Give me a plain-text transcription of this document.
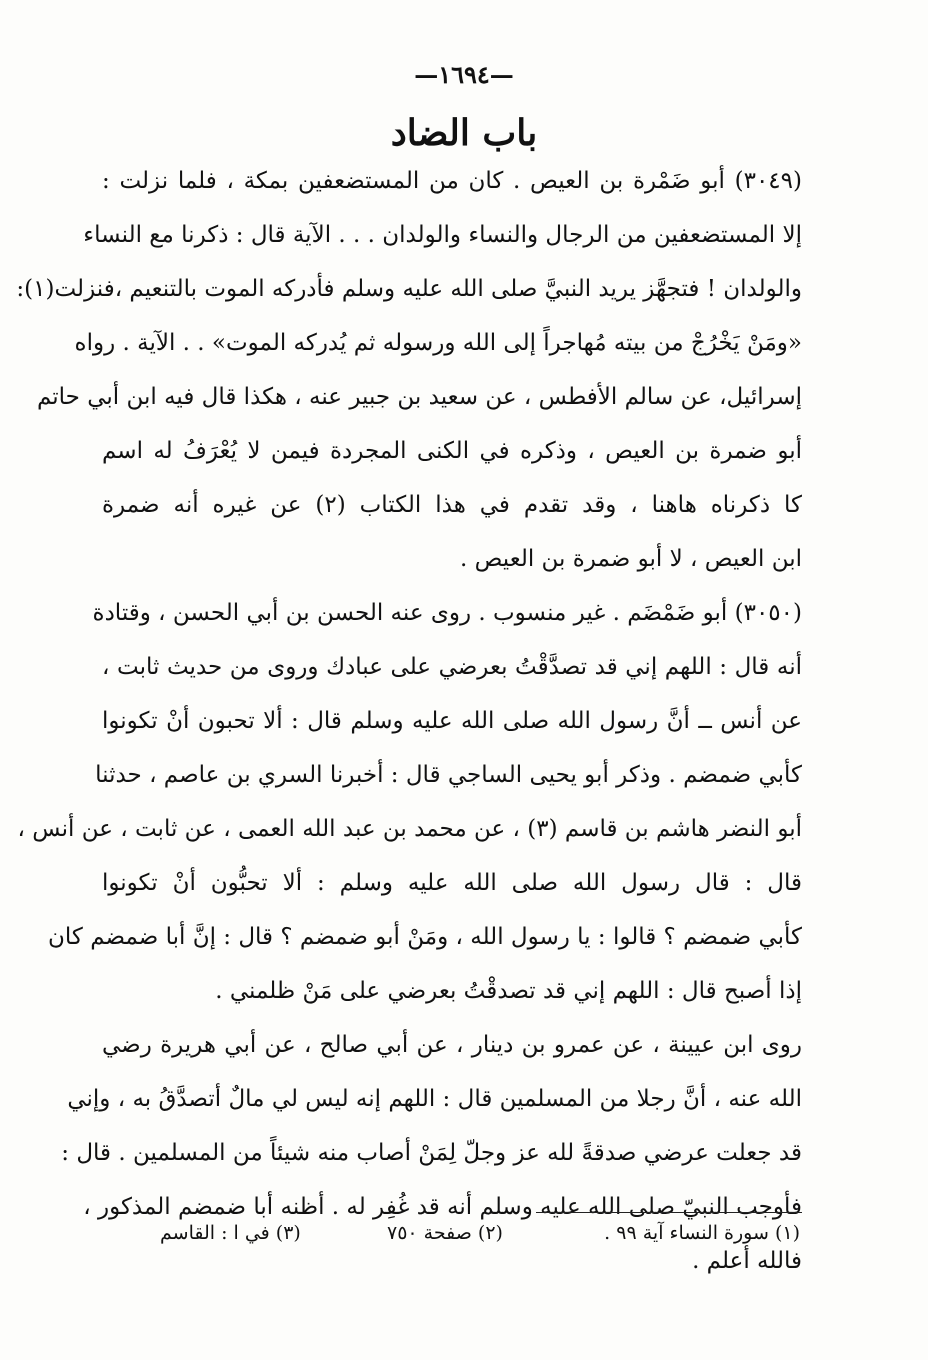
—١٦٩٤—
باب الضاد
(٣٠٤٩) أبو ضَمْرة بن العيص . كان من المستضعفين بمكة ، فلما نزلت :
إلا المستضعفين من الرجال والنساء والولدان . . . الآية قال : ذكرنا مع النساء
والولدان ! فتجهَّز يريد النبيَّ صلى الله عليه وسلم فأدركه الموت بالتنعيم ،فنزلت(١):
«ومَنْ يَخْرُجْ من بيته مُهاجراً إلى الله ورسوله ثم يُدركه الموت» . . الآية . رواه
إسرائيل، عن سالم الأفطس ، عن سعيد بن جبير عنه ، هكذا قال فيه ابن أبي حاتم
أبو ضمرة بن العيص ، وذكره في الكنى المجردة فيمن لا يُعْرَفُ له اسم
كا ذكرناه هاهنا ، وقد تقدم في هذا الكتاب (٢) عن غيره أنه ضمرة
ابن العيص ، لا أبو ضمرة بن العيص .
(٣٠٥٠) أبو ضَمْضَم . غير منسوب . روى عنه الحسن بن أبي الحسن ، وقتادة
أنه قال : اللهم إني قد تصدَّقْتُ بعرضي على عبادك وروى من حديث ثابت ،
عن أنس ــ أنَّ رسول الله صلى الله عليه وسلم قال : ألا تحبون أنْ تكونوا
كأبي ضمضم . وذكر أبو يحيى الساجي قال : أخبرنا السري بن عاصم ، حدثنا
أبو النضر هاشم بن قاسم (٣) ، عن محمد بن عبد الله العمى ، عن ثابت ، عن أنس ،
قال : قال رسول الله صلى الله عليه وسلم : ألا تحبُّون أنْ تكونوا
كأبي ضمضم ؟ قالوا : يا رسول الله ، ومَنْ أبو ضمضم ؟ قال : إنَّ أبا ضمضم كان
إذا أصبح قال : اللهم إني قد تصدقْتُ بعرضي على مَنْ ظلمني .
روى ابن عيينة ، عن عمرو بن دينار ، عن أبي صالح ، عن أبي هريرة رضي
الله عنه ، أنَّ رجلا من المسلمين قال : اللهم إنه ليس لي مالٌ أتصدَّقُ به ، وإني
قد جعلت عرضي صدقةً لله عز وجلّ لِمَنْ أصاب منه شيئاً من المسلمين . قال :
فأوجب النبيّ صلى الله عليه وسلم أنه قد غُفِر له . أظنه أبا ضمضم المذكور ،
فالله أعلم .
(١) سورة النساء آية ٩٩ .(٢) صفحة ٧٥٠(٣) في ا : القاسم
